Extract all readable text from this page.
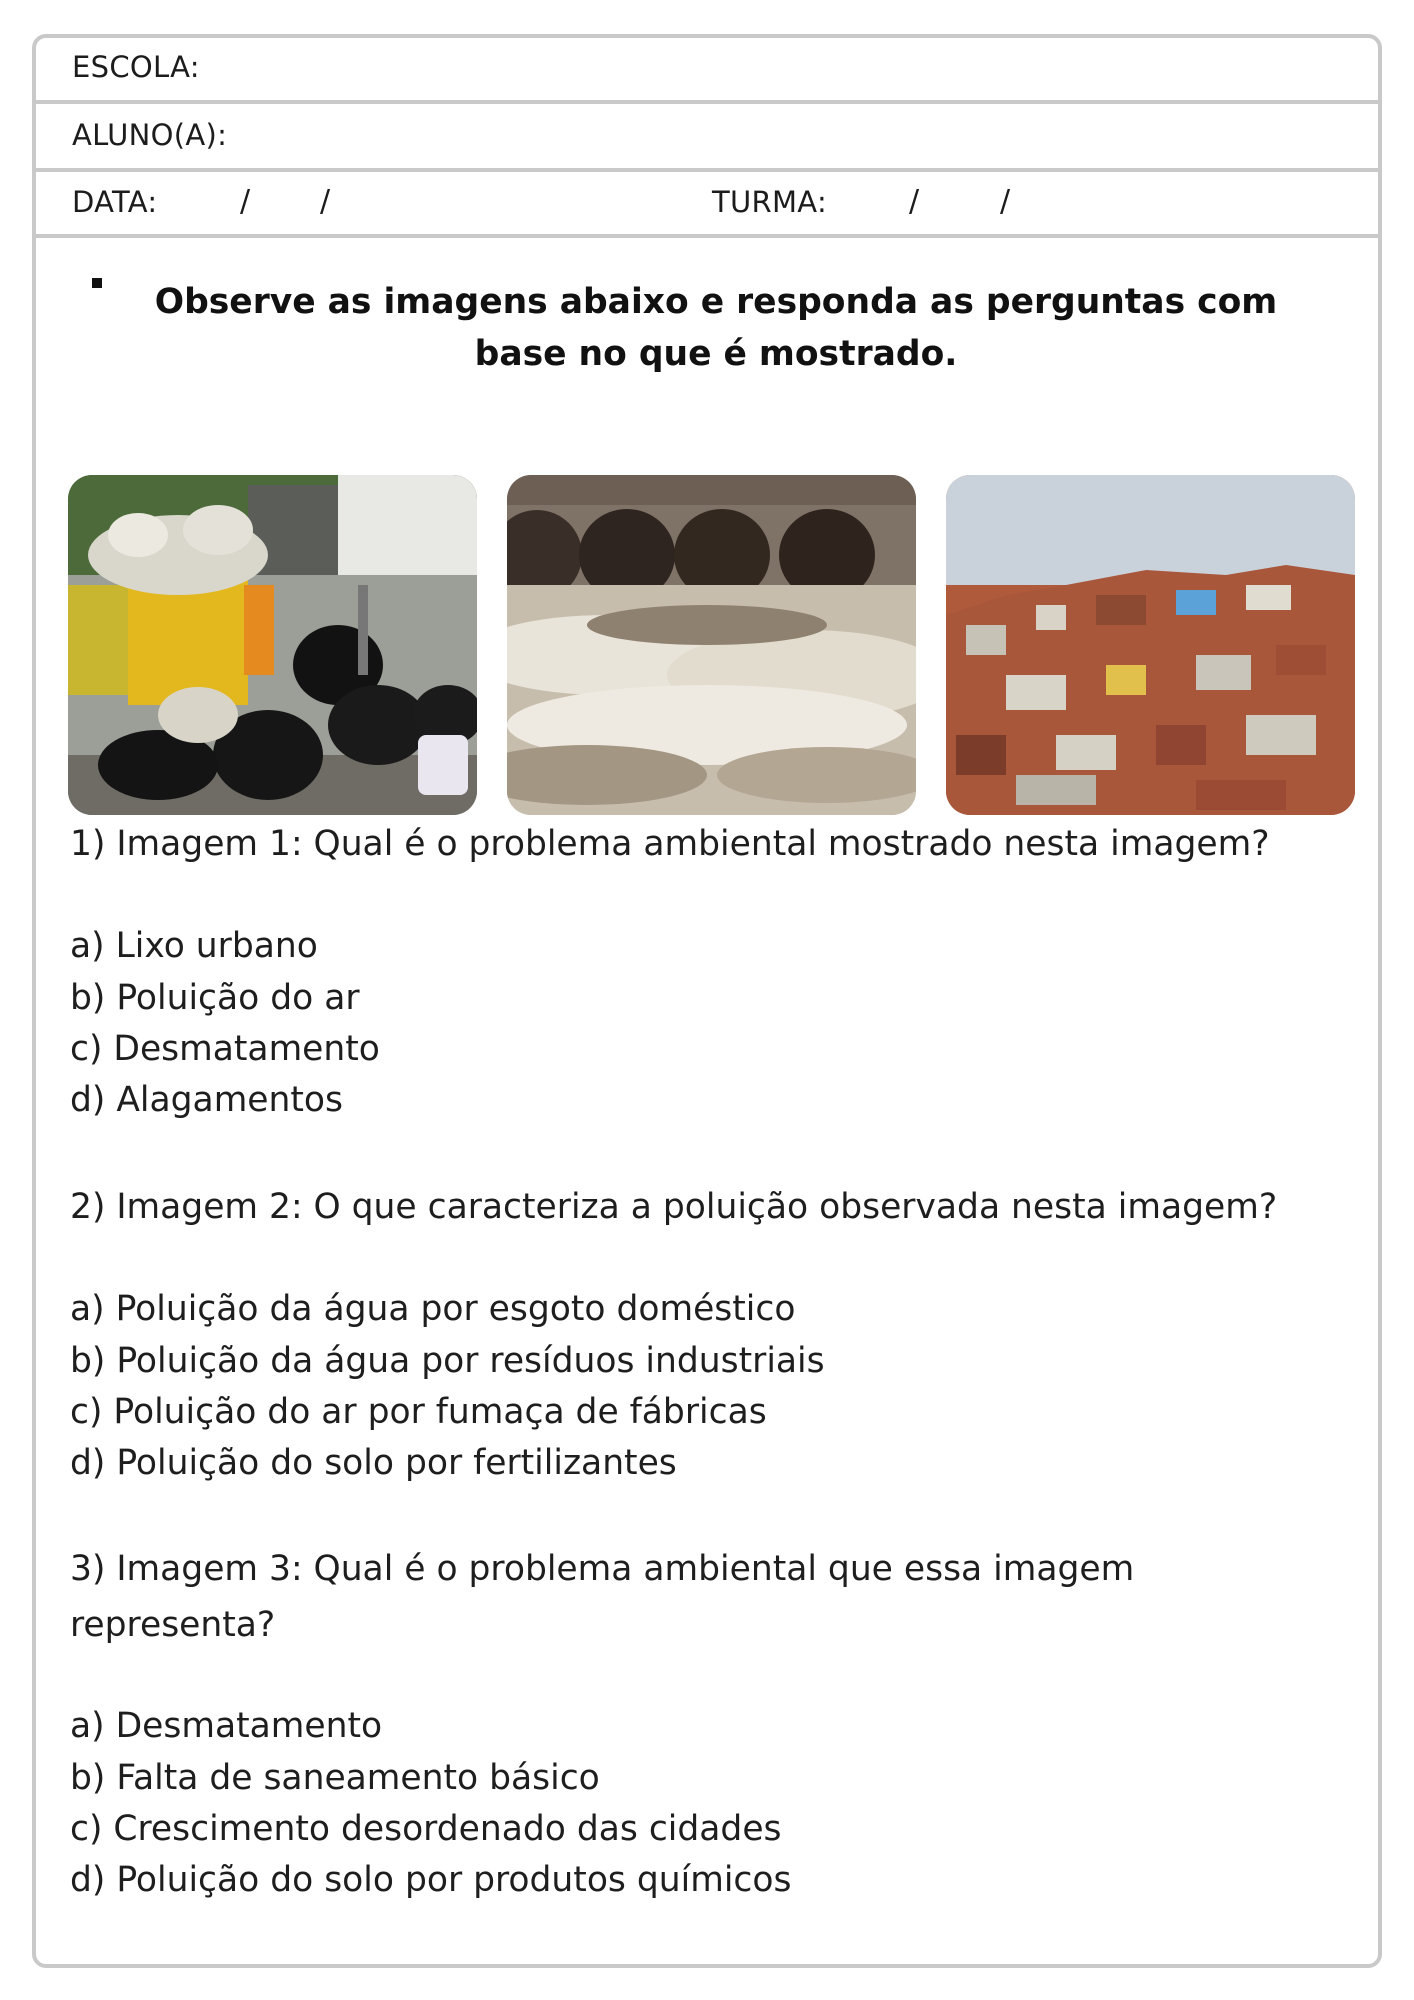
ESCOLA:
ALUNO(A):
DATA:	/ /	TURMA:	/	/
Observe as imagens abaixo e responda as perguntas com base no que é mostrado.
1) Imagem 1: Qual é o problema ambiental mostrado nesta imagem?
a) Lixo urbano
b) Poluição do ar
c) Desmatamento
d) Alagamentos
2) Imagem 2: O que caracteriza a poluição observada nesta imagem?
a) Poluição da água por esgoto doméstico
b) Poluição da água por resíduos industriais
c) Poluição do ar por fumaça de fábricas
d) Poluição do solo por fertilizantes
3) Imagem 3: Qual é o problema ambiental que essa imagem
representa?
a) Desmatamento
b) Falta de saneamento básico
c) Crescimento desordenado das cidades
d) Poluição do solo por produtos químicos
